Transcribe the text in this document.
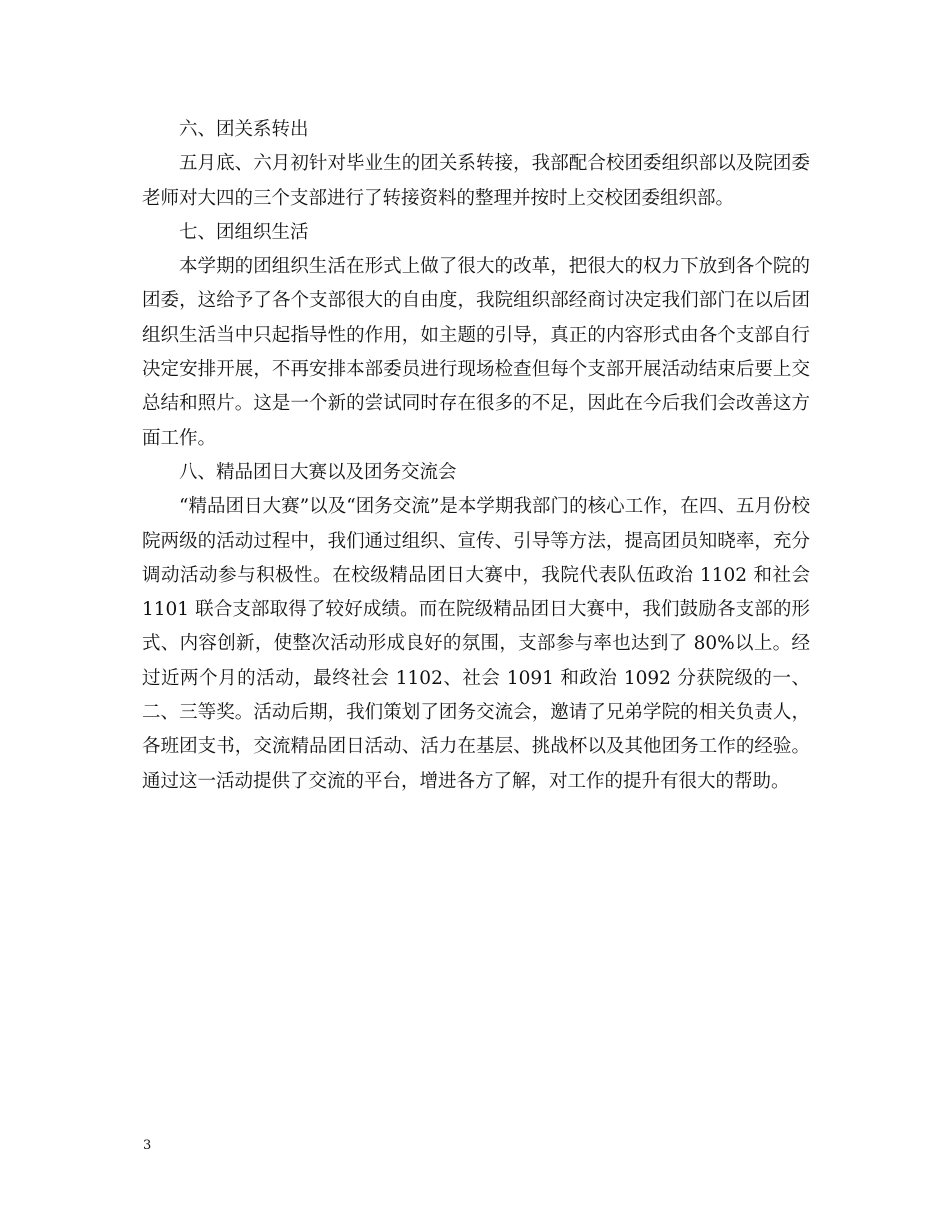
六、团关系转出

五月底、六月初针对毕业生的团关系转接，我部配合校团委组织部以及院团委老师对大四的三个支部进行了转接资料的整理并按时上交校团委组织部。

七、团组织生活

本学期的团组织生活在形式上做了很大的改革，把很大的权力下放到各个院的团委，这给予了各个支部很大的自由度，我院组织部经商讨决定我们部门在以后团组织生活当中只起指导性的作用，如主题的引导，真正的内容形式由各个支部自行决定安排开展，不再安排本部委员进行现场检查但每个支部开展活动结束后要上交总结和照片。这是一个新的尝试同时存在很多的不足，因此在今后我们会改善这方面工作。

八、精品团日大赛以及团务交流会

“精品团日大赛”以及“团务交流”是本学期我部门的核心工作，在四、五月份校院两级的活动过程中，我们通过组织、宣传、引导等方法，提高团员知晓率，充分调动活动参与积极性。在校级精品团日大赛中，我院代表队伍政治 1102 和社会 1101 联合支部取得了较好成绩。而在院级精品团日大赛中，我们鼓励各支部的形式、内容创新，使整次活动形成良好的氛围，支部参与率也达到了 80%以上。经过近两个月的活动，最终社会 1102、社会 1091 和政治 1092 分获院级的一、二、三等奖。活动后期，我们策划了团务交流会，邀请了兄弟学院的相关负责人，各班团支书，交流精品团日活动、活力在基层、挑战杯以及其他团务工作的经验。通过这一活动提供了交流的平台，增进各方了解，对工作的提升有很大的帮助。

3
